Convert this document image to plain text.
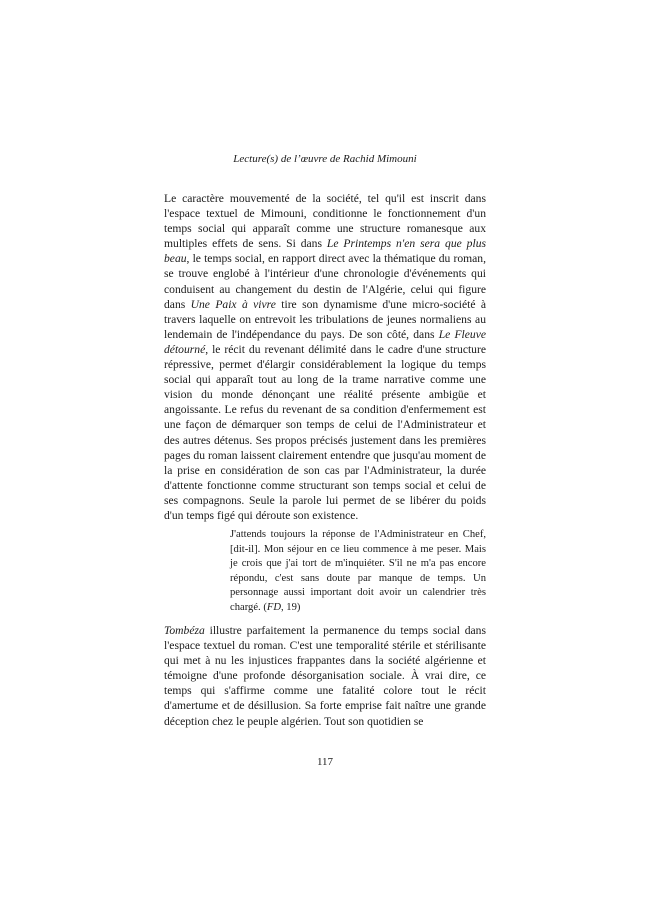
Lecture(s) de l’œuvre de Rachid Mimouni

Le caractère mouvementé de la société, tel qu'il est inscrit dans l'espace textuel de Mimouni, conditionne le fonctionnement d'un temps social qui apparaît comme une structure romanesque aux multiples effets de sens. Si dans Le Printemps n'en sera que plus beau, le temps social, en rapport direct avec la thématique du roman, se trouve englobé à l'intérieur d'une chronologie d'événements qui conduisent au changement du destin de l'Algérie, celui qui figure dans Une Paix à vivre tire son dynamisme d'une micro-société à travers laquelle on entrevoit les tribulations de jeunes normaliens au lendemain de l'indépendance du pays. De son côté, dans Le Fleuve détourné, le récit du revenant délimité dans le cadre d'une structure répressive, permet d'élargir considérablement la logique du temps social qui apparaît tout au long de la trame narrative comme une vision du monde dénonçant une réalité présente ambigüe et angoissante. Le refus du revenant de sa condition d'enfermement est une façon de démarquer son temps de celui de l'Administrateur et des autres détenus. Ses propos précisés justement dans les premières pages du roman laissent clairement entendre que jusqu'au moment de la prise en considération de son cas par l'Administrateur, la durée d'attente fonctionne comme structurant son temps social et celui de ses compagnons. Seule la parole lui permet de se libérer du poids d'un temps figé qui déroute son existence.

J'attends toujours la réponse de l'Administrateur en Chef, [dit-il]. Mon séjour en ce lieu commence à me peser. Mais je crois que j'ai tort de m'inquiéter. S'il ne m'a pas encore répondu, c'est sans doute par manque de temps. Un personnage aussi important doit avoir un calendrier très chargé. (FD, 19)

Tombéza illustre parfaitement la permanence du temps social dans l'espace textuel du roman. C'est une temporalité stérile et stérilisante qui met à nu les injustices frappantes dans la société algérienne et témoigne d'une profonde désorganisation sociale. À vrai dire, ce temps qui s'affirme comme une fatalité colore tout le récit d'amertume et de désillusion. Sa forte emprise fait naître une grande déception chez le peuple algérien. Tout son quotidien se

117
